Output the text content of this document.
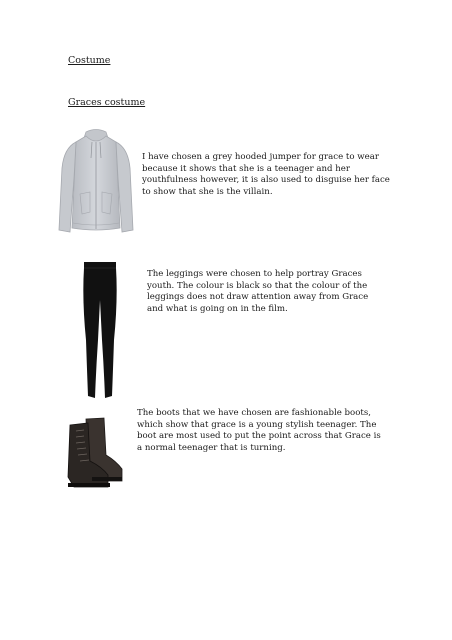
Costume
Graces costume

I have chosen a grey hooded jumper for grace to wear because it shows that she is a teenager and her youthfulness however, it is also used to disguise her face to show that she is the villain.

The leggings were chosen to help portray Graces youth. The colour is black so that the colour of the leggings does not draw attention away from Grace and what is going on in the film.

The boots that we have chosen are fashionable boots, which show that grace is a young stylish teenager. The boot are most used to put the point across that Grace is a normal teenager that is turning.
